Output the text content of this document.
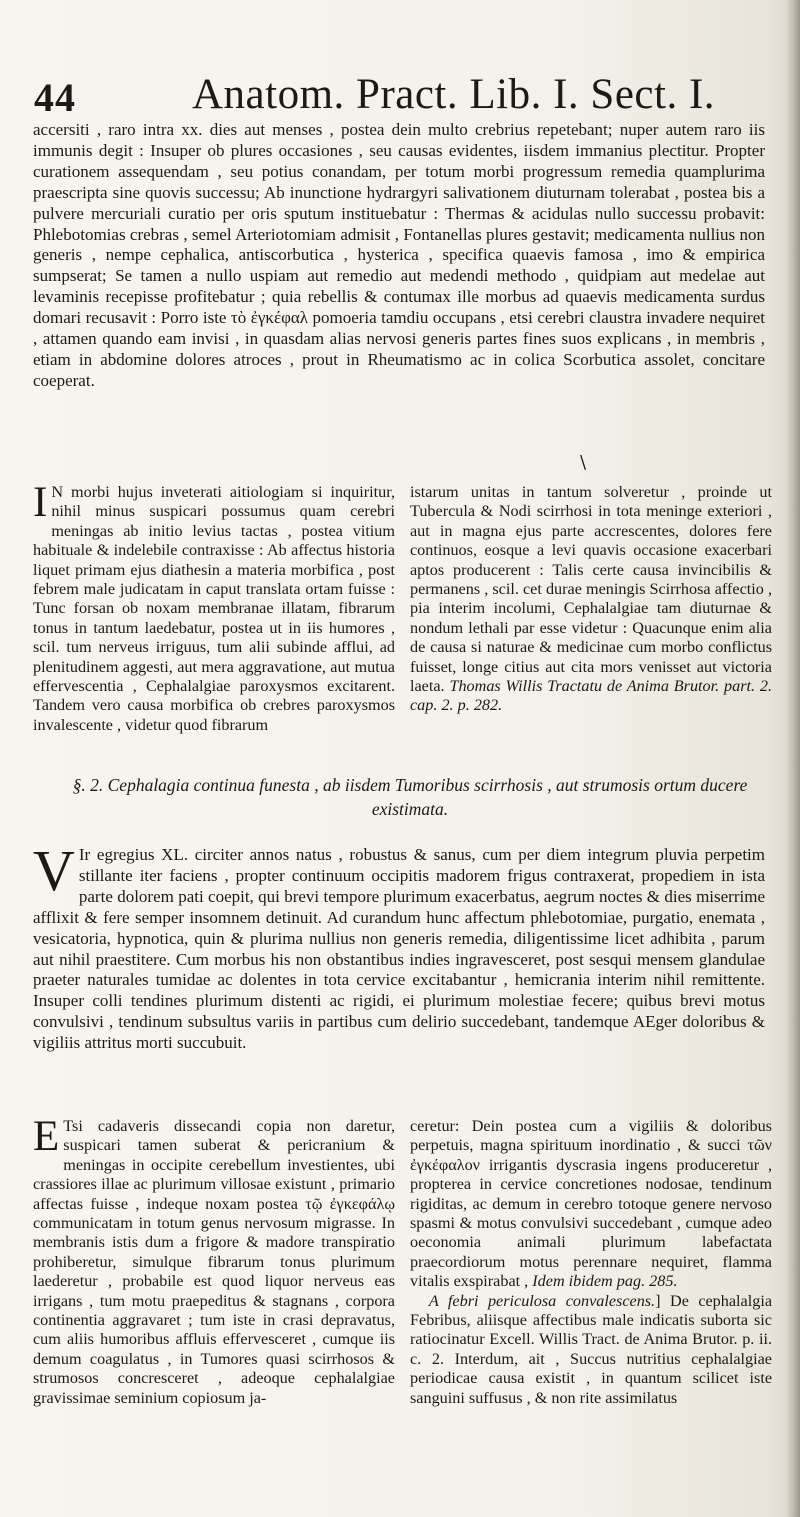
44	Anatom. Pract. Lib. I. Sect. I.

accersiti , raro intra xx. dies aut menses , postea dein multo crebrius repetebant; nuper autem raro iis immunis degit : Insuper ob plures occasiones , seu causas evidentes, iisdem immanius plectitur. Propter curationem assequendam , seu potius conandam, per totum morbi progressum remedia quamplurima praescripta sine quovis successu; Ab inunctione hydrargyri salivationem diuturnam tolerabat , postea bis a pulvere mercuriali curatio per oris sputum instituebatur : Thermas & acidulas nullo successu probavit: Phlebotomias crebras , semel Arteriotomiam admisit , Fontanellas plures gestavit; medicamenta nullius non generis , nempe cephalica, antiscorbutica , hysterica , specifica quaevis famosa , imo & empirica sumpserat; Se tamen a nullo uspiam aut remedio aut medendi methodo , quidpiam aut medelae aut levaminis recepisse profitebatur ; quia rebellis & contumax ille morbus ad quaevis medicamenta surdus domari recusavit : Porro iste τὸ ἐγκέφαλ pomoeria tamdiu occupans , etsi cerebri claustra invadere nequiret , attamen quando eam invisi , in quasdam alias nervosi generis partes fines suos explicans , in membris , etiam in abdomine dolores atroces , prout in Rheumatismo ac in colica Scorbutica assolet, concitare coeperat.

\

I N morbi hujus inveterati aitiologiam si inquiritur, nihil minus suspicari possumus quam cerebri meningas ab initio levius tactas , postea vitium habituale & indelebile contraxisse : Ab affectus historia liquet primam ejus diathesin a materia morbifica , post febrem male judicatam in caput translata ortam fuisse : Tunc forsan ob noxam membranae illatam, fibrarum tonus in tantum laedebatur, postea ut in iis humores , scil. tum nerveus irriguus, tum alii subinde afflui, ad plenitudinem aggesti, aut mera aggravatione, aut mutua effervescentia , Cephalalgiae paroxysmos excitarent. Tandem vero causa morbifica ob crebres paroxysmos invalescente , videtur quod fibrarum

istarum unitas in tantum solveretur , proinde ut Tubercula & Nodi scirrhosi in tota meninge exteriori , aut in magna ejus parte accrescentes, dolores fere continuos, eosque a levi quavis occasione exacerbari aptos producerent : Talis certe causa invincibilis & permanens , scil. cet durae meningis Scirrhosa affectio , pia interim incolumi, Cephalalgiae tam diuturnae & nondum lethali par esse videtur : Quacunque enim alia de causa si naturae & medicinae cum morbo conflictus fuisset, longe citius aut cita mors venisset aut victoria laeta. Thomas Willis Tractatu de Anima Brutor. part. 2. cap. 2. p. 282.

§. 2. Cephalagia continua funesta , ab iisdem Tumoribus scirrhosis , aut strumosis ortum ducere existimata.

V Ir egregius XL. circiter annos natus , robustus & sanus, cum per diem integrum pluvia perpetim stillante iter faciens , propter continuum occipitis madorem frigus contraxerat, propediem in ista parte dolorem pati coepit, qui brevi tempore plurimum exacerbatus, aegrum noctes & dies miserrime afflixit & fere semper insomnem detinuit. Ad curandum hunc affectum phlebotomiae, purgatio, enemata , vesicatoria, hypnotica, quin & plurima nullius non generis remedia, diligentissime licet adhibita , parum aut nihil praestitere. Cum morbus his non obstantibus indies ingravesceret, post sesqui mensem glandulae praeter naturales tumidae ac dolentes in tota cervice excitabantur , hemicrania interim nihil remittente. Insuper colli tendines plurimum distenti ac rigidi, ei plurimum molestiae fecere; quibus brevi motus convulsivi , tendinum subsultus variis in partibus cum delirio succedebant, tandemque AEger doloribus & vigiliis attritus morti succubuit.

E Tsi cadaveris dissecandi copia non daretur, suspicari tamen suberat & pericranium & meningas in occipite cerebellum investientes, ubi crassiores illae ac plurimum villosae existunt , primario affectas fuisse , indeque noxam postea τῷ ἐγκεφάλῳ communicatam in totum genus nervosum migrasse. In membranis istis dum a frigore & madore transpiratio prohiberetur, simulque fibrarum tonus plurimum laederetur , probabile est quod liquor nerveus eas irrigans , tum motu praepeditus & stagnans , corpora continentia aggravaret ; tum iste in crasi depravatus, cum aliis humoribus affluis effervesceret , cumque iis demum coagulatus , in Tumores quasi scirrhosos & strumosos concresceret , adeoque cephalalgiae gravissimae seminium copiosum ja-

ceretur: Dein postea cum a vigiliis & doloribus perpetuis, magna spirituum inordinatio , & succi τῶν ἐγκέφαλον irrigantis dyscrasia ingens produceretur , propterea in cervice concretiones nodosae, tendinum rigiditas, ac demum in cerebro totoque genere nervoso spasmi & motus convulsivi succedebant , cumque adeo oeconomia animali plurimum labefactata praecordiorum motus perennare nequiret, flamma vitalis exspirabat , Idem ibidem pag. 285.

A febri periculosa convalescens.] De cephalalgia Febribus, aliisque affectibus male indicatis suborta sic ratiocinatur Excell. Willis Tract. de Anima Brutor. p. ii. c. 2. Interdum, ait , Succus nutritius cephalalgiae periodicae causa existit , in quantum scilicet iste sanguini suffusus , & non rite assimilatus
